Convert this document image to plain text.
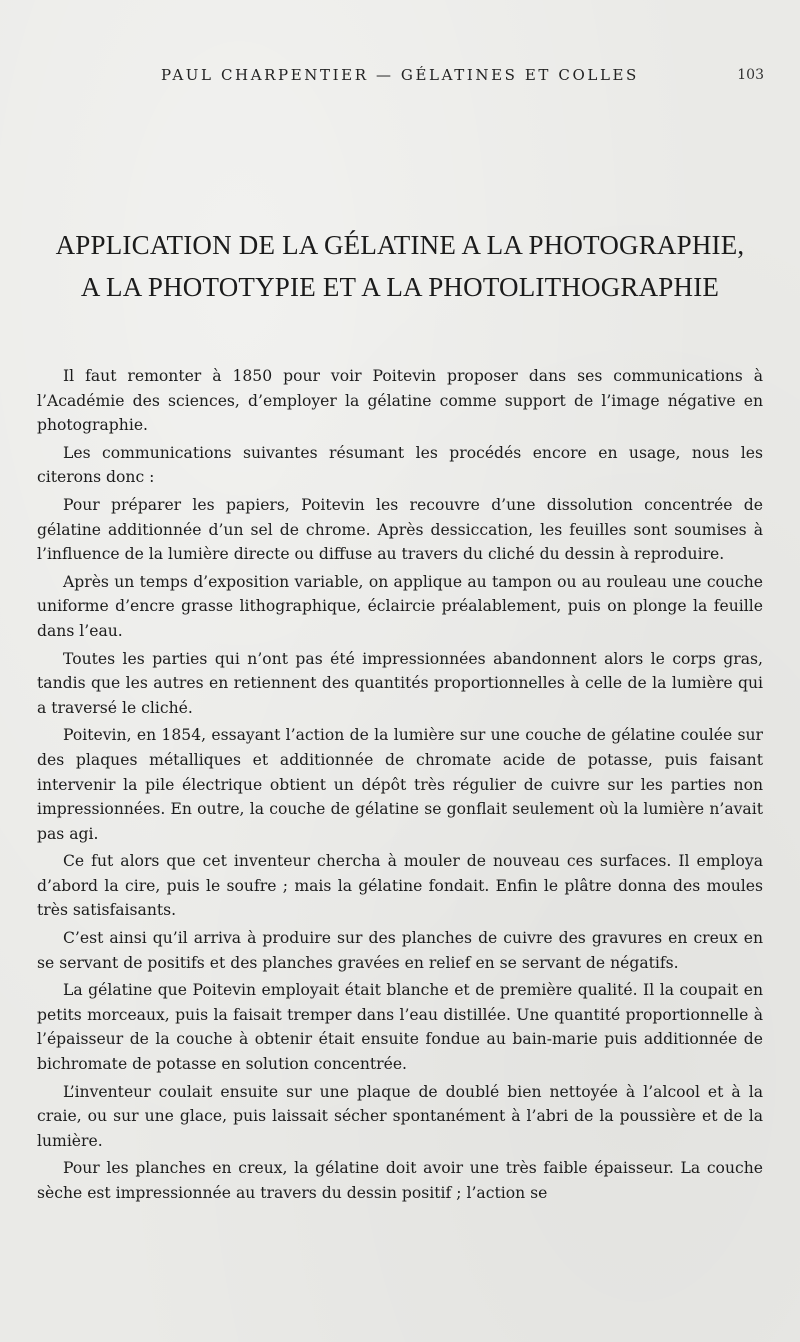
PAUL CHARPENTIER — GÉLATINES ET COLLES	103
APPLICATION DE LA GÉLATINE A LA PHOTOGRAPHIE,
A LA PHOTOTYPIE ET A LA PHOTOLITHOGRAPHIE

Il faut remonter à 1850 pour voir Poitevin proposer dans ses communications à l’Académie des sciences, d’employer la gélatine comme support de l’image négative en photographie.

Les communications suivantes résumant les procédés encore en usage, nous les citerons donc :

Pour préparer les papiers, Poitevin les recouvre d’une dissolution concentrée de gélatine additionnée d’un sel de chrome. Après dessiccation, les feuilles sont soumises à l’influence de la lumière directe ou diffuse au travers du cliché du dessin à reproduire.

Après un temps d’exposition variable, on applique au tampon ou au rouleau une couche uniforme d’encre grasse lithographique, éclaircie préalablement, puis on plonge la feuille dans l’eau.

Toutes les parties qui n’ont pas été impressionnées abandonnent alors le corps gras, tandis que les autres en retiennent des quantités proportionnelles à celle de la lumière qui a traversé le cliché.

Poitevin, en 1854, essayant l’action de la lumière sur une couche de gélatine coulée sur des plaques métalliques et additionnée de chromate acide de potasse, puis faisant intervenir la pile électrique obtient un dépôt très régulier de cuivre sur les parties non impressionnées. En outre, la couche de gélatine se gonflait seulement où la lumière n’avait pas agi.

Ce fut alors que cet inventeur chercha à mouler de nouveau ces surfaces. Il employa d’abord la cire, puis le soufre ; mais la gélatine fondait. Enfin le plâtre donna des moules très satisfaisants.

C’est ainsi qu’il arriva à produire sur des planches de cuivre des gravures en creux en se servant de positifs et des planches gravées en relief en se servant de négatifs.

La gélatine que Poitevin employait était blanche et de première qualité. Il la coupait en petits morceaux, puis la faisait tremper dans l’eau distillée. Une quantité proportionnelle à l’épaisseur de la couche à obtenir était ensuite fondue au bain-marie puis additionnée de bichromate de potasse en solution concentrée.

L’inventeur coulait ensuite sur une plaque de doublé bien nettoyée à l’alcool et à la craie, ou sur une glace, puis laissait sécher spontanément à l’abri de la poussière et de la lumière.

Pour les planches en creux, la gélatine doit avoir une très faible épaisseur. La couche sèche est impressionnée au travers du dessin positif ; l’action se
